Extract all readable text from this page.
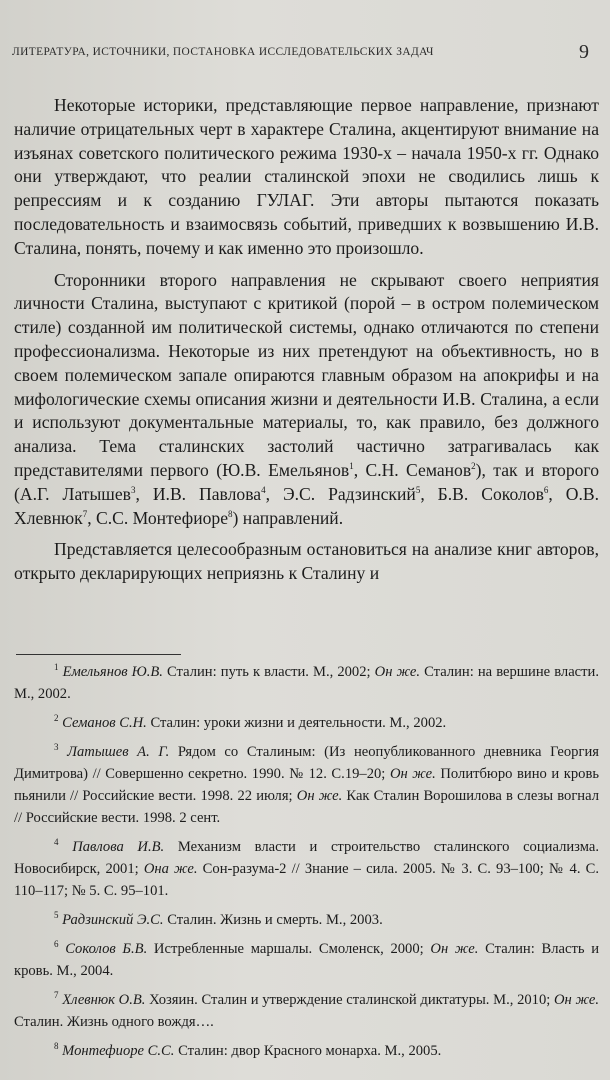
ЛИТЕРАТУРА, ИСТОЧНИКИ, ПОСТАНОВКА ИССЛЕДОВАТЕЛЬСКИХ ЗАДАЧ	9

Некоторые историки, представляющие первое направление, признают наличие отрицательных черт в характере Сталина, акцентируют внимание на изъянах советского политического режима 1930-х – начала 1950-х гг. Однако они утверждают, что реалии сталинской эпохи не сводились лишь к репрессиям и к созданию ГУЛАГ. Эти авторы пытаются показать последовательность и взаимосвязь событий, приведших к возвышению И.В. Сталина, понять, почему и как именно это произошло.

Сторонники второго направления не скрывают своего неприятия личности Сталина, выступают с критикой (порой – в остром полемическом стиле) созданной им политической системы, однако отличаются по степени профессионализма. Некоторые из них претендуют на объективность, но в своем полемическом запале опираются главным образом на апокрифы и на мифологические схемы описания жизни и деятельности И.В. Сталина, а если и используют документальные материалы, то, как правило, без должного анализа. Тема сталинских застолий частично затрагивалась как представителями первого (Ю.В. Емельянов$^1$, С.Н. Семанов$^2$), так и второго (А.Г. Латышев$^3$, И.В. Павлова$^4$, Э.С. Радзинский$^5$, Б.В. Соколов$^6$, О.В. Хлевнюк$^7$, С.С. Монтефиоре$^8$) направлений.

Представляется целесообразным остановиться на анализе книг авторов, открыто декларирующих неприязнь к Сталину и

$^1$ Емельянов Ю.В. Сталин: путь к власти. М., 2002; Он же. Сталин: на вершине власти. М., 2002.
$^2$ Семанов С.Н. Сталин: уроки жизни и деятельности. М., 2002.
$^3$ Латышев А. Г. Рядом со Сталиным: (Из неопубликованного дневника Георгия Димитрова) // Совершенно секретно. 1990. № 12. С.19–20; Он же. Политбюро вино и кровь пьянили // Российские вести. 1998. 22 июля; Он же. Как Сталин Ворошилова в слезы вогнал // Российские вести. 1998. 2 сент.
$^4$ Павлова И.В. Механизм власти и строительство сталинского социализма. Новосибирск, 2001; Она же. Сон-разума-2 // Знание – сила. 2005. № 3. С. 93–100; № 4. С. 110–117; № 5. С. 95–101.
$^5$ Радзинский Э.С. Сталин. Жизнь и смерть. М., 2003.
$^6$ Соколов Б.В. Истребленные маршалы. Смоленск, 2000; Он же. Сталин: Власть и кровь. М., 2004.
$^7$ Хлевнюк О.В. Хозяин. Сталин и утверждение сталинской диктатуры. М., 2010; Он же. Сталин. Жизнь одного вождя….
$^8$ Монтефиоре С.С. Сталин: двор Красного монарха. М., 2005.
